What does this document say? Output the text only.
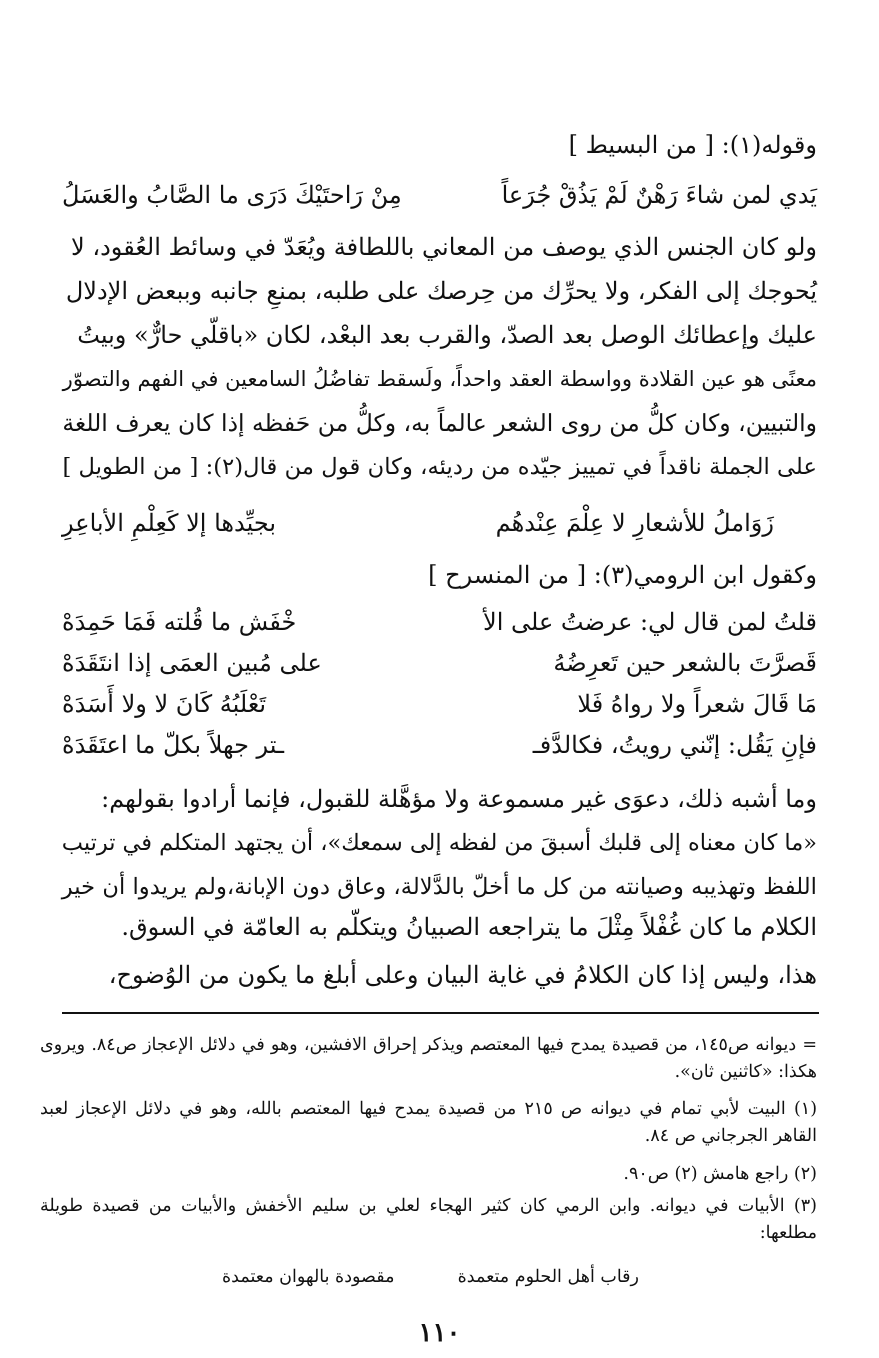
وقوله(١): [ من البسيط ]
يَدي لمن شاءَ رَهْنٌ لَمْ يَذُقْ جُرَعاً
مِنْ رَاحتَيْكَ دَرَى ما الصَّابُ والعَسَلُ
ولو كان الجنس الذي يوصف من المعاني باللطافة ويُعَدّ في وسائط العُقود، لا
يُحوجك إلى الفكر، ولا يحرِّك من حِرصك على طلبه، بمنعِ جانبه وببعض الإدلال
عليك وإعطائك الوصل بعد الصدّ، والقرب بعد البعْد، لكان «باقلّي حارٌّ» وبيتُ
معنًى هو عين القلادة وواسطة العقد واحداً، ولَسقط تفاضُلُ السامعين في الفهم والتصوّر
والتبيين، وكان كلُّ من روى الشعر عالماً به، وكلُّ من حَفظه إذا كان يعرف اللغة
على الجملة ناقداً في تمييز جيّده من رديئه، وكان قول من قال(٢): [ من الطويل ]
زَوَاملُ للأشعارِ لا عِلْمَ عِنْدهُم
بجيِّدها إلا كَعِلْمِ الأباعِرِ
وكقول ابن الرومي(٣): [ من المنسرح ]
قلتُ لمن قال لي: عرضتُ على الأ
خْفَش ما قُلته فَمَا حَمِدَهْ
قَصرَّتَ بالشعر حين تَعرِضُهُ
على مُبين العمَى إذا انتَقَدَهْ
مَا قَالَ شعراً ولا رواهُ فَلا
تَعْلَبُهُ كَانَ لا ولا أَسَدَهْ
فإنِ يَقُل: إنّني رويتُ، فكالدَّفـ
ـتر جهلاً بكلّ ما اعتَقَدَهْ
وما أشبه ذلك، دعوَى غير مسموعة ولا مؤهَّلة للقبول، فإنما أرادوا بقولهم:
«ما كان معناه إلى قلبك أسبقَ من لفظه إلى سمعك»، أن يجتهد المتكلم في ترتيب
اللفظ وتهذيبه وصيانته من كل ما أخلّ بالدَّلالة، وعاق دون الإبانة،ولم يريدوا أن خير
الكلام ما كان غُفْلاً مِثْلَ ما يتراجعه الصبيانُ ويتكلّم به العامّة في السوق.
هذا، وليس إذا كان الكلامُ في غاية البيان وعلى أبلغ ما يكون من الوُضوح،
= ديوانه ص١٤٥، من قصيدة يمدح فيها المعتصم ويذكر إحراق الافشين، وهو في دلائل الإعجاز ص٨٤. ويروى هكذا: «كاثنين ثان».
(١) البيت لأبي تمام في ديوانه ص ٢١٥ من قصيدة يمدح فيها المعتصم بالله، وهو في دلائل الإعجاز لعبد القاهر الجرجاني ص ٨٤.
(٢) راجع هامش (٢) ص٩٠.
(٣) الأبيات في ديوانه. وابن الرمي كان كثير الهجاء لعلي بن سليم الأخفش والأبيات من قصيدة طويلة مطلعها:
رقاب أهل الحلوم متعمدة
مقصودة بالهوان معتمدة
١١٠
